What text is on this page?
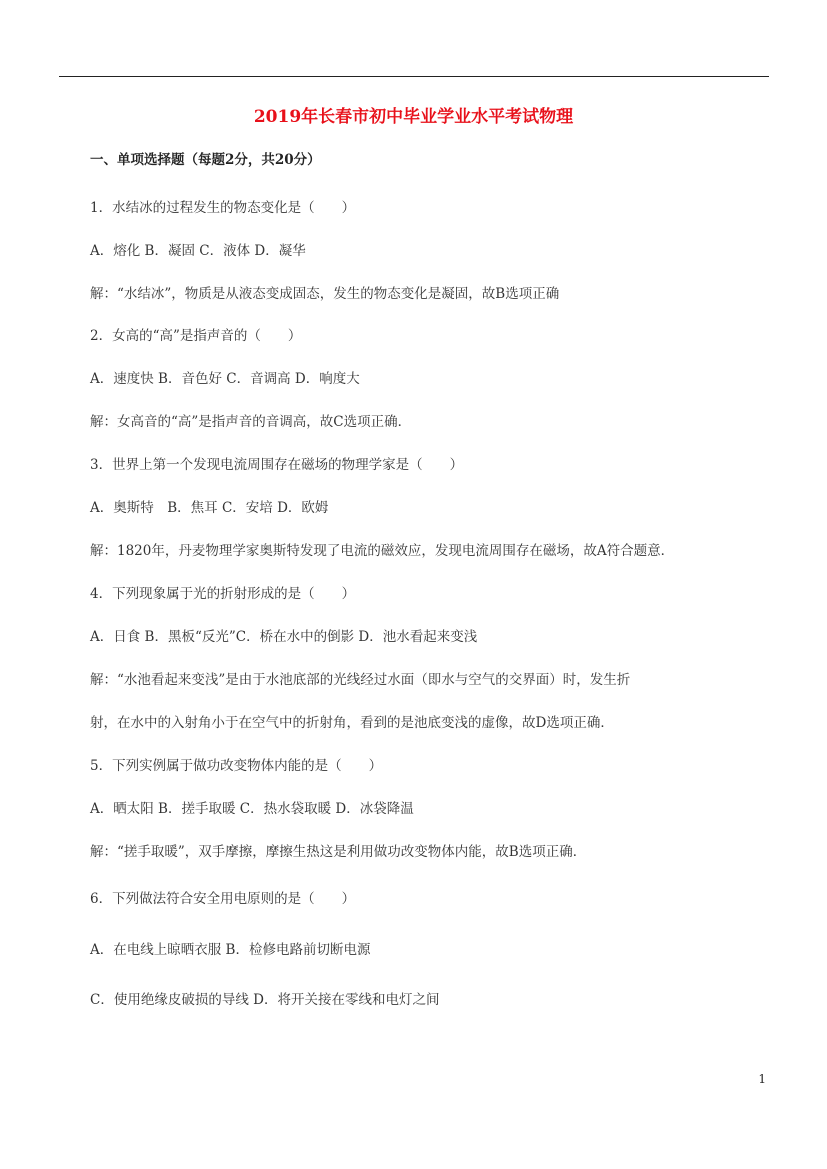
2019年长春市初中毕业学业水平考试物理
一、单项选择题（每题2分，共20分）
1．水结冰的过程发生的物态变化是（　　）
A．熔化 B．凝固 C．液体 D．凝华
解：“水结冰”，物质是从液态变成固态，发生的物态变化是凝固，故B选项正确
2．女高的“高”是指声音的（　　）
A．速度快 B．音色好 C．音调高 D．响度大
解：女高音的“高”是指声音的音调高，故C选项正确．
3．世界上第一个发现电流周围存在磁场的物理学家是（　　）
A．奥斯特　B．焦耳 C．安培 D．欧姆
解：1820年，丹麦物理学家奥斯特发现了电流的磁效应，发现电流周围存在磁场，故A符合题意．
4．下列现象属于光的折射形成的是（　　）
A．日食 B．黑板“反光”C．桥在水中的倒影 D．池水看起来变浅
解：“水池看起来变浅”是由于水池底部的光线经过水面（即水与空气的交界面）时，发生折
射，在水中的入射角小于在空气中的折射角，看到的是池底变浅的虚像，故D选项正确．
5．下列实例属于做功改变物体内能的是（　　）
A．晒太阳 B．搓手取暖 C．热水袋取暖 D．冰袋降温
解：“搓手取暖”，双手摩擦，摩擦生热这是利用做功改变物体内能，故B选项正确．
6．下列做法符合安全用电原则的是（　　）
A．在电线上晾晒衣服 B．检修电路前切断电源
C．使用绝缘皮破损的导线 D．将开关接在零线和电灯之间
1
